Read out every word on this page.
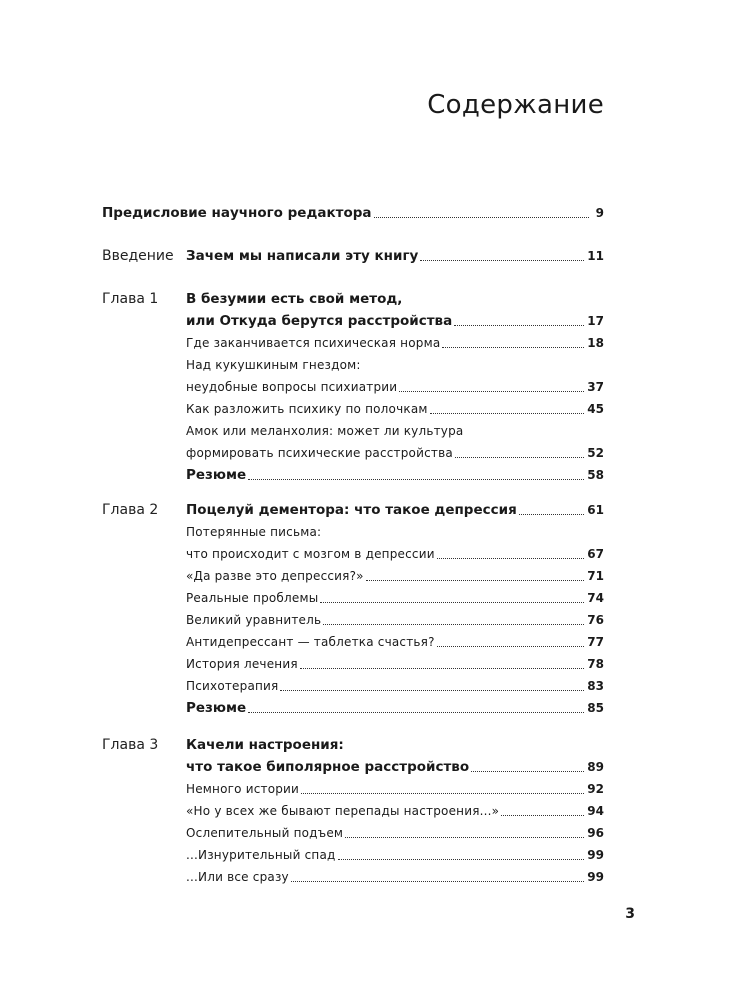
Содержание
Предисловие научного редактора	9
Введение Зачем мы написали эту книгу	11
Глава 1 В безумии есть свой метод,
или Откуда берутся расстройства	17
Где заканчивается психическая норма	18
Над кукушкиным гнездом:
неудобные вопросы психиатрии	37
Как разложить психику по полочкам	45
Амок или меланхолия: может ли культура
формировать психические расстройства	52
Резюме	58
Глава 2 Поцелуй дементора: что такое депрессия	61
Потерянные письма:
что происходит с мозгом в депрессии	67
«Да разве это депрессия?»	71
Реальные проблемы	74
Великий уравнитель	76
Антидепрессант — таблетка счастья?	77
История лечения	78
Психотерапия	83
Резюме	85
Глава 3 Качели настроения:
что такое биполярное расстройство	89
Немного истории	92
«Но у всех же бывают перепады настроения...»	94
Ослепительный подъем	96
...Изнурительный спад	99
...Или все сразу	99
3
